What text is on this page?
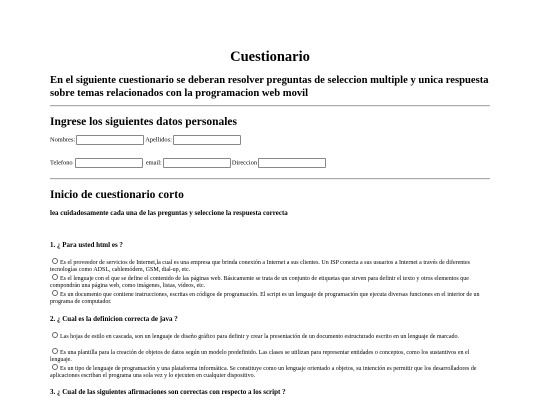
Cuestionario

En el siguiente cuestionario se deberan resolver preguntas de seleccion multiple y unica respuesta sobre temas relacionados con la programacion web movil

Ingrese los siguientes datos personales
Nombres:	Apellidos:
Telefono	email:	Direccion
Inicio de cuestionario corto

lea cuidadosamente cada una de las preguntas y seleccione la respuesta correcta

1. ¿ Para usted html es ?

Es el proveedor de servicios de Internet,la cual es una empresa que brinda conexión a Internet a sus clientes. Un ISP conecta a sus usuarios a Internet a través de diferentes tecnologías como ADSL, cablemódem, GSM, dial-up, etc.
Es el lenguaje con el que se define el contenido de las páginas web. Básicamente se trata de un conjunto de etiquetas que sirven para definir el texto y otros elementos que compondrán una página web, como imágenes, listas, vídeos, etc.
Es un documento que contiene instrucciones, escritas en códigos de programación. El script es un lenguaje de programación que ejecuta diversas funciones en el interior de un programa de computador.

2. ¿ Cual es la definicion correcta de java ?

Las hojas de estilo en cascada, son un lenguaje de diseño gráfico para definir y crear la presentación de un documento estructurado escrito en un lenguaje de marcado.
Es una plantilla para la creación de objetos de datos según un modelo predefinido. Las clases se utilizan para representar entidades o conceptos, como los sustantivos en el lenguaje.
Es un tipo de lenguaje de programación y una plataforma informática. Se constituye como un lenguaje orientado a objetos, su intención es permitir que los desarrolladores de aplicaciones escriban el programa una sola vez y lo ejecuten en cualquier dispositivo.

3. ¿ Cual de las siguientes afirmaciones son correctas con respecto a los script ?
